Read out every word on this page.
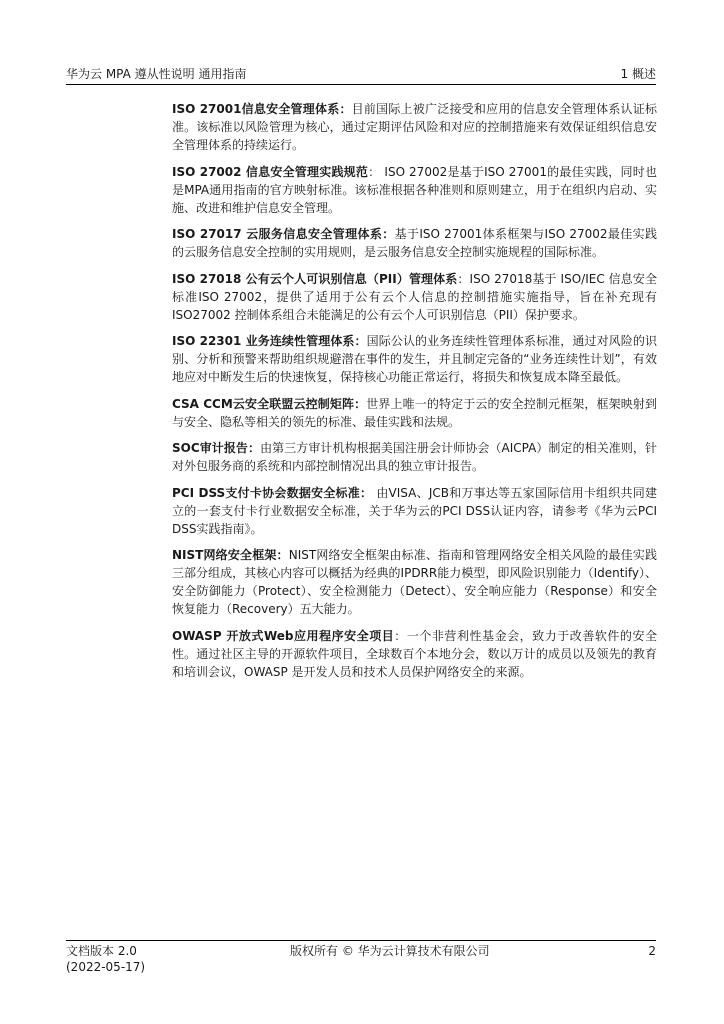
华为云 MPA 遵从性说明 通用指南	1 概述

ISO 27001信息安全管理体系：目前国际上被广泛接受和应用的信息安全管理体系认证标准。该标准以风险管理为核心，通过定期评估风险和对应的控制措施来有效保证组织信息安全管理体系的持续运行。

ISO 27002 信息安全管理实践规范： ISO 27002是基于ISO 27001的最佳实践，同时也是MPA通用指南的官方映射标准。该标准根据各种准则和原则建立，用于在组织内启动、实施、改进和维护信息安全管理。

ISO 27017 云服务信息安全管理体系：基于ISO 27001体系框架与ISO 27002最佳实践的云服务信息安全控制的实用规则，是云服务信息安全控制实施规程的国际标准。

ISO 27018 公有云个人可识别信息（PII）管理体系：ISO 27018基于 ISO/IEC 信息安全标准ISO 27002，提供了适用于公有云个人信息的控制措施实施指导，旨在补充现有ISO27002 控制体系组合未能满足的公有云个人可识别信息（PII）保护要求。

ISO 22301 业务连续性管理体系：国际公认的业务连续性管理体系标准，通过对风险的识别、分析和预警来帮助组织规避潜在事件的发生，并且制定完备的“业务连续性计划”，有效地应对中断发生后的快速恢复，保持核心功能正常运行，将损失和恢复成本降至最低。

CSA CCM云安全联盟云控制矩阵：世界上唯一的特定于云的安全控制元框架，框架映射到与安全、隐私等相关的领先的标准、最佳实践和法规。

SOC审计报告：由第三方审计机构根据美国注册会计师协会（AICPA）制定的相关准则，针对外包服务商的系统和内部控制情况出具的独立审计报告。

PCI DSS支付卡协会数据安全标准： 由VISA、JCB和万事达等五家国际信用卡组织共同建立的一套支付卡行业数据安全标准，关于华为云的PCI DSS认证内容，请参考《华为云PCI DSS实践指南》。

NIST网络安全框架：NIST网络安全框架由标准、指南和管理网络安全相关风险的最佳实践三部分组成，其核心内容可以概括为经典的IPDRR能力模型，即风险识别能力（Identify）、安全防御能力（Protect）、安全检测能力（Detect）、安全响应能力（Response）和安全恢复能力（Recovery）五大能力。

OWASP 开放式Web应用程序安全项目：一个非营利性基金会，致力于改善软件的安全性。通过社区主导的开源软件项目，全球数百个本地分会，数以万计的成员以及领先的教育和培训会议，OWASP 是开发人员和技术人员保护网络安全的来源。

文档版本 2.0
(2022-05-17)
版权所有 © 华为云计算技术有限公司	2
